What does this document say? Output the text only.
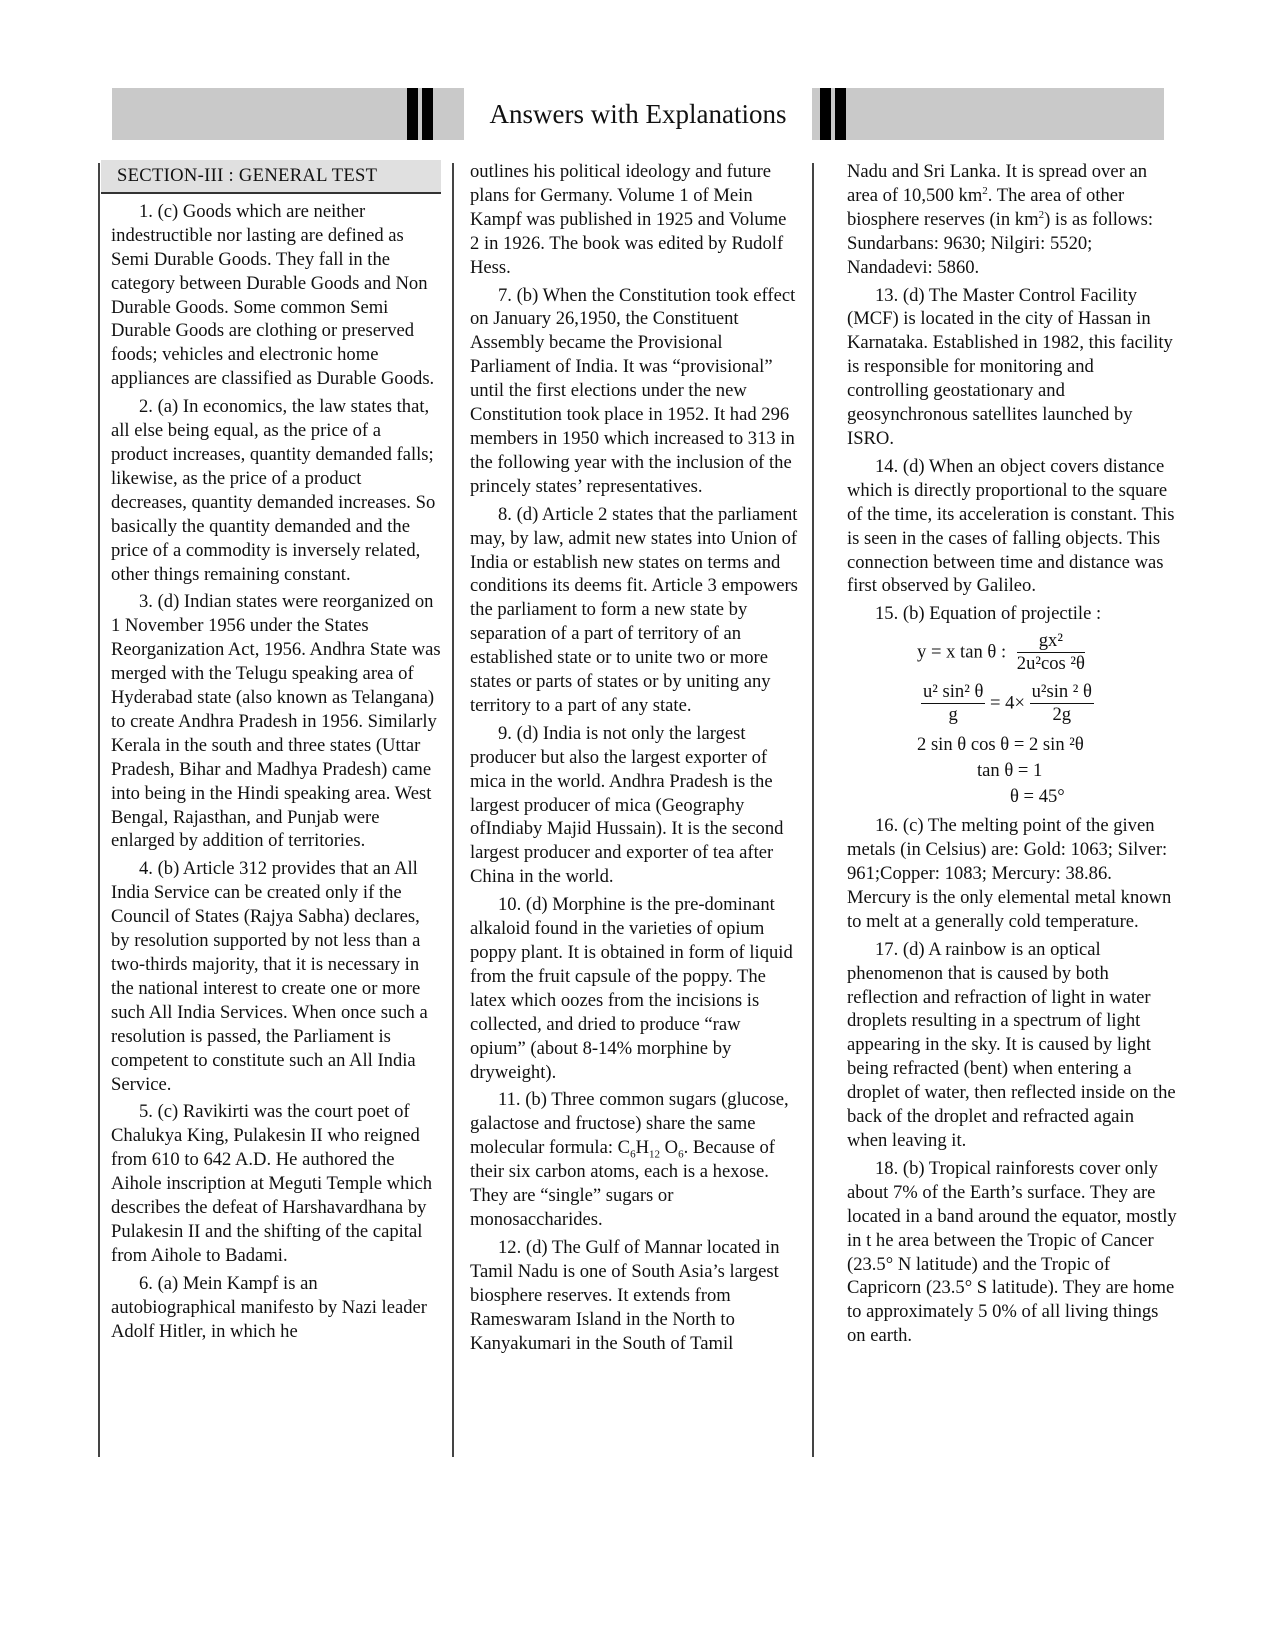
Answers with Explanations
SECTION-III : GENERAL TEST

1. (c) Goods which are neither indestructible nor lasting are defined as Semi Durable Goods. They fall in the category between Durable Goods and Non Durable Goods. Some common Semi Durable Goods are clothing or preserved foods; vehicles and electronic home appliances are classified as Durable Goods.

2. (a) In economics, the law states that, all else being equal, as the price of a product increases, quantity demanded falls; likewise, as the price of a product decreases, quantity demanded increases. So basically the quantity demanded and the price of a commodity is inversely related, other things remaining constant.

3. (d) Indian states were reorganized on 1 November 1956 under the States Reorganization Act, 1956. Andhra State was merged with the Telugu speaking area of Hyderabad state (also known as Telangana) to create Andhra Pradesh in 1956. Similarly Kerala in the south and three states (Uttar Pradesh, Bihar and Madhya Pradesh) came into being in the Hindi speaking area. West Bengal, Rajasthan, and Punjab were enlarged by addition of territories.

4. (b) Article 312 provides that an All India Service can be created only if the Council of States (Rajya Sabha) declares, by resolution supported by not less than a two-thirds majority, that it is necessary in the national interest to create one or more such All India Services. When once such a resolution is passed, the Parliament is competent to constitute such an All India Service.

5. (c) Ravikirti was the court poet of Chalukya King, Pulakesin II who reigned from 610 to 642 A.D. He authored the Aihole inscription at Meguti Temple which describes the defeat of Harshavardhana by Pulakesin II and the shifting of the capital from Aihole to Badami.

6. (a) Mein Kampf is an autobiographical manifesto by Nazi leader Adolf Hitler, in which he

outlines his political ideology and future plans for Germany. Volume 1 of Mein Kampf was published in 1925 and Volume 2 in 1926. The book was edited by Rudolf Hess.

7. (b) When the Constitution took effect on January 26,1950, the Constituent Assembly became the Provisional Parliament of India. It was “provisional” until the first elections under the new Constitution took place in 1952. It had 296 members in 1950 which increased to 313 in the following year with the inclusion of the princely states’ representatives.

8. (d) Article 2 states that the parliament may, by law, admit new states into Union of India or establish new states on terms and conditions its deems fit. Article 3 empowers the parliament to form a new state by separation of a part of territory of an established state or to unite two or more states or parts of states or by uniting any territory to a part of any state.

9. (d) India is not only the largest producer but also the largest exporter of mica in the world. Andhra Pradesh is the largest producer of mica (Geography ofIndiaby Majid Hussain). It is the second largest producer and exporter of tea after China in the world.

10. (d) Morphine is the pre-dominant alkaloid found in the varieties of opium poppy plant. It is obtained in form of liquid from the fruit capsule of the poppy. The latex which oozes from the incisions is collected, and dried to produce “raw opium” (about 8-14% morphine by dryweight).

11. (b) Three common sugars (glucose, galactose and fructose) share the same molecular formula: $C_6H_{12}$ $O_6$. Because of their six carbon atoms, each is a hexose. They are “single” sugars or monosaccharides.

12. (d) The Gulf of Mannar located in Tamil Nadu is one of South Asia’s largest biosphere reserves. It extends from Rameswaram Island in the North to Kanyakumari in the South of Tamil

Nadu and Sri Lanka. It is spread over an area of 10,500 $km^2$. The area of other biosphere reserves (in $km^2$) is as follows: Sundarbans: 9630; Nilgiri: 5520; Nandadevi: 5860.

13. (d) The Master Control Facility (MCF) is located in the city of Hassan in Karnataka. Established in 1982, this facility is responsible for monitoring and controlling geostationary and geosynchronous satellites launched by ISRO.

14. (d) When an object covers distance which is directly proportional to the square of the time, its acceleration is constant. This is seen in the cases of falling objects. This connection between time and distance was first observed by Galileo.

15. (b) Equation of projectile :

y = x tan θ : $\frac{\text{gx²}}{\text{2u²cos ²θ}}$
$\frac{\text{u² sin² θ}}{g} = 4\times \frac{\text{u²sin ² θ}}{2g}$
2 sin θ cos θ = 2 sin ²θ
tan θ = 1
θ = 45°

16. (c) The melting point of the given metals (in Celsius) are: Gold: 1063; Silver: 961;Copper: 1083; Mercury: 38.86. Mercury is the only elemental metal known to melt at a generally cold temperature.

17. (d) A rainbow is an optical phenomenon that is caused by both reflection and refraction of light in water droplets resulting in a spectrum of light appearing in the sky. It is caused by light being refracted (bent) when entering a droplet of water, then reflected inside on the back of the droplet and refracted again when leaving it.

18. (b) Tropical rainforests cover only about 7% of the Earth’s surface. They are located in a band around the equator, mostly in t he area between the Tropic of Cancer (23.5° N latitude) and the Tropic of Capricorn (23.5° S latitude). They are home to approximately 5 0% of all living things on earth.
